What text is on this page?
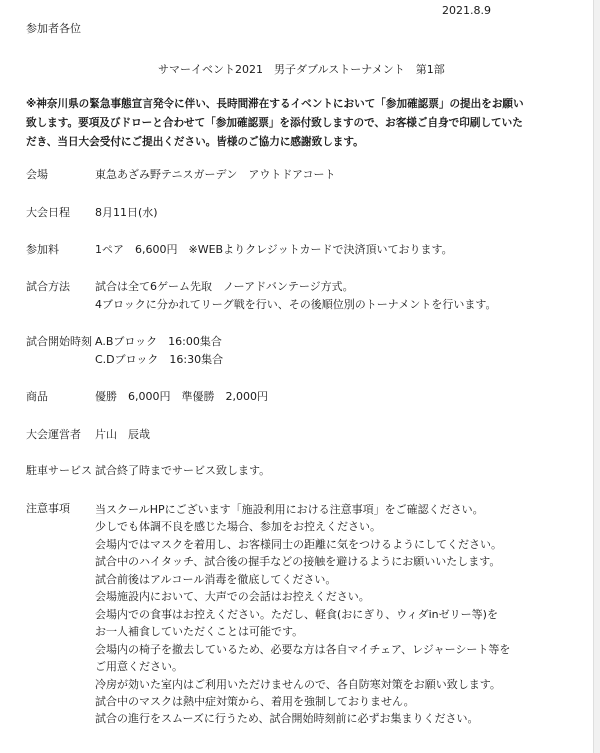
2021.8.9
参加者各位
サマーイベント2021　男子ダブルストーナメント　第1部
※神奈川県の緊急事態宣言発令に伴い、長時間滞在するイベントにおいて「参加確認票」の提出をお願い
致します。要項及びドローと合わせて「参加確認票」を添付致しますので、お客様ご自身で印刷していた
だき、当日大会受付にご提出ください。皆様のご協力に感謝致します。
会場	東急あざみ野テニスガーデン　アウトドアコート
大会日程 8月11日(水)
参加料	1ペア　6,600円　※WEBよりクレジットカードで決済頂いております。
試合方法 試合は全て6ゲーム先取　ノーアドバンテージ方式。
4ブロックに分かれてリーグ戦を行い、その後順位別のトーナメントを行います。
試合開始時刻 A.Bブロック　16:00集合
C.Dブロック　16:30集合
商品	優勝　6,000円　準優勝　2,000円
大会運営者 片山　辰哉
駐車サービス 試合終了時までサービス致します。
注意事項 当スクールHPにございます「施設利用における注意事項」をご確認ください。
少しでも体調不良を感じた場合、参加をお控えください。
会場内ではマスクを着用し、お客様同士の距離に気をつけるようにしてください。
試合中のハイタッチ、試合後の握手などの接触を避けるようにお願いいたします。
試合前後はアルコール消毒を徹底してください。
会場施設内において、大声での会話はお控えください。
会場内での食事はお控えください。ただし、軽食(おにぎり、ウィダinゼリー等)を
お一人補食していただくことは可能です。
会場内の椅子を撤去しているため、必要な方は各自マイチェア、レジャーシート等を
ご用意ください。
冷房が効いた室内はご利用いただけませんので、各自防寒対策をお願い致します。
試合中のマスクは熱中症対策から、着用を強制しておりません。
試合の進行をスムーズに行うため、試合開始時刻前に必ずお集まりください。
